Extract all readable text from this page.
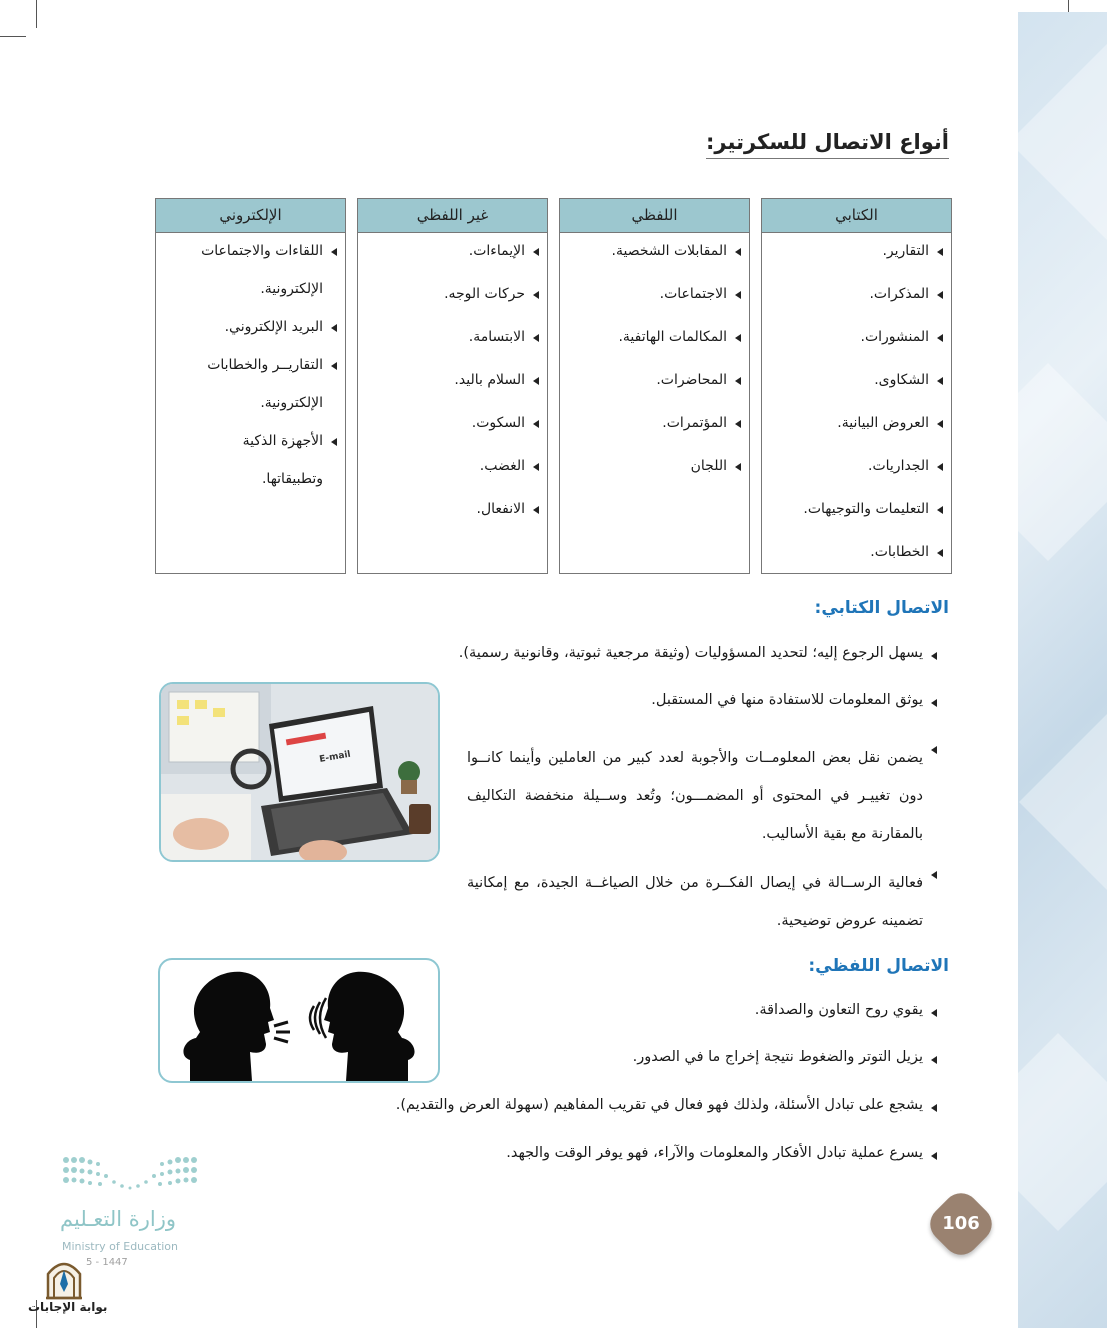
أنواع الاتصال للسكرتير:
الكتابي
التقارير.
المذكرات.
المنشورات.
الشكاوى.
العروض البيانية.
الجداريات.
التعليمات والتوجيهات.
الخطابات.
اللفظي
المقابلات الشخصية.
الاجتماعات.
المكالمات الهاتفية.
المحاضرات.
المؤتمرات.
اللجان
غير اللفظي
الإيماءات.
حركات الوجه.
الابتسامة.
السلام باليد.
السكوت.
الغضب.
الانفعال.
الإلكتروني
اللقاءات والاجتماعات
الإلكترونية.
البريد الإلكتروني.
التقاريــر والخطابات
الإلكترونية.
الأجهزة الذكية
وتطبيقاتها.
الاتصال الكتابي:
يسهل الرجوع إليه؛ لتحديد المسؤوليات (وثيقة مرجعية ثبوتية، وقانونية رسمية).
يوثق المعلومات للاستفادة منها في المستقبل.
يضمن نقل بعض المعلومــات والأجوبة لعدد كبير من العاملين وأينما كانــوا دون تغييـر في المحتوى أو المضمـــون؛ وتُعد وســيلة منخفضة التكاليف بالمقارنة مع بقية الأساليب.
فعالية الرســالة في إيصال الفكــرة من خلال الصياغــة الجيدة، مع إمكانية تضمينه عروض توضيحية.
E-mail
الاتصال اللفظي:
يقوي روح التعاون والصداقة.
يزيل التوتر والضغوط نتيجة إخراج ما في الصدور.
يشجع على تبادل الأسئلة، ولذلك فهو فعال في تقريب المفاهيم (سهولة العرض والتقديم).
يسرع عملية تبادل الأفكار والمعلومات والآراء، فهو يوفر الوقت والجهد.
106
وزارة التعـليم
Ministry of Education
5 - 1447
بوابة الإجابات
